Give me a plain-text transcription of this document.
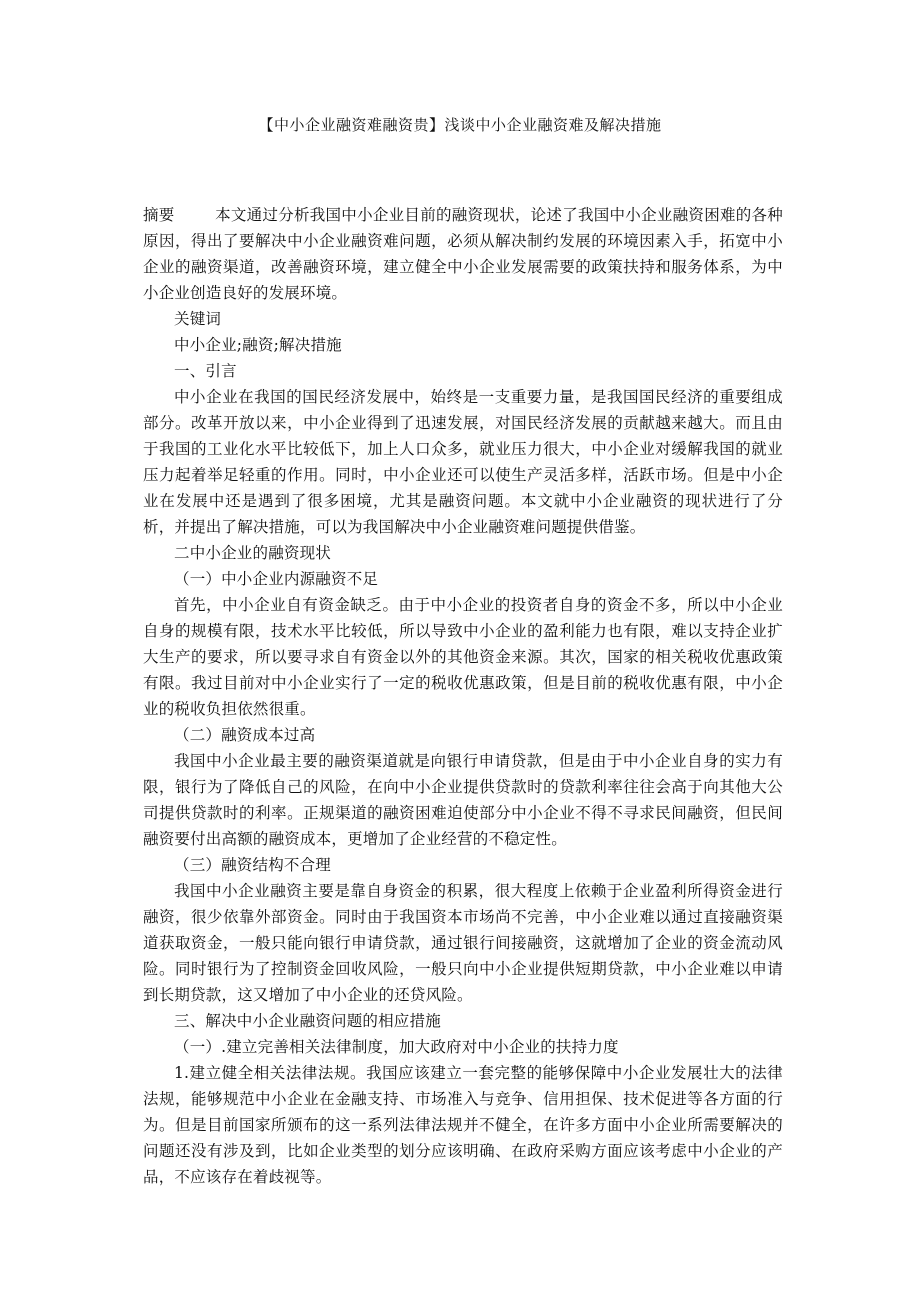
【中小企业融资难融资贵】浅谈中小企业融资难及解决措施

摘要	本文通过分析我国中小企业目前的融资现状，论述了我国中小企业融资困难的各种原因，得出了要解决中小企业融资难问题，必须从解决制约发展的环境因素入手，拓宽中小企业的融资渠道，改善融资环境，建立健全中小企业发展需要的政策扶持和服务体系，为中小企业创造良好的发展环境。

关键词

中小企业;融资;解决措施

一、引言

中小企业在我国的国民经济发展中，始终是一支重要力量，是我国国民经济的重要组成部分。改革开放以来，中小企业得到了迅速发展，对国民经济发展的贡献越来越大。而且由于我国的工业化水平比较低下，加上人口众多，就业压力很大，中小企业对缓解我国的就业压力起着举足轻重的作用。同时，中小企业还可以使生产灵活多样，活跃市场。但是中小企业在发展中还是遇到了很多困境，尤其是融资问题。本文就中小企业融资的现状进行了分析，并提出了解决措施，可以为我国解决中小企业融资难问题提供借鉴。

二中小企业的融资现状

（一）中小企业内源融资不足

首先，中小企业自有资金缺乏。由于中小企业的投资者自身的资金不多，所以中小企业自身的规模有限，技术水平比较低，所以导致中小企业的盈利能力也有限，难以支持企业扩大生产的要求，所以要寻求自有资金以外的其他资金来源。其次，国家的相关税收优惠政策有限。我过目前对中小企业实行了一定的税收优惠政策，但是目前的税收优惠有限，中小企业的税收负担依然很重。

（二）融资成本过高

我国中小企业最主要的融资渠道就是向银行申请贷款，但是由于中小企业自身的实力有限，银行为了降低自己的风险，在向中小企业提供贷款时的贷款利率往往会高于向其他大公司提供贷款时的利率。正规渠道的融资困难迫使部分中小企业不得不寻求民间融资，但民间融资要付出高额的融资成本，更增加了企业经营的不稳定性。

（三）融资结构不合理

我国中小企业融资主要是靠自身资金的积累，很大程度上依赖于企业盈利所得资金进行融资，很少依靠外部资金。同时由于我国资本市场尚不完善，中小企业难以通过直接融资渠道获取资金，一般只能向银行申请贷款，通过银行间接融资，这就增加了企业的资金流动风险。同时银行为了控制资金回收风险，一般只向中小企业提供短期贷款，中小企业难以申请到长期贷款，这又增加了中小企业的还贷风险。

三、解决中小企业融资问题的相应措施

（一）.建立完善相关法律制度，加大政府对中小企业的扶持力度

1.建立健全相关法律法规。我国应该建立一套完整的能够保障中小企业发展壮大的法律法规，能够规范中小企业在金融支持、市场准入与竞争、信用担保、技术促进等各方面的行为。但是目前国家所颁布的这一系列法律法规并不健全，在许多方面中小企业所需要解决的问题还没有涉及到，比如企业类型的划分应该明确、在政府采购方面应该考虑中小企业的产品，不应该存在着歧视等。
